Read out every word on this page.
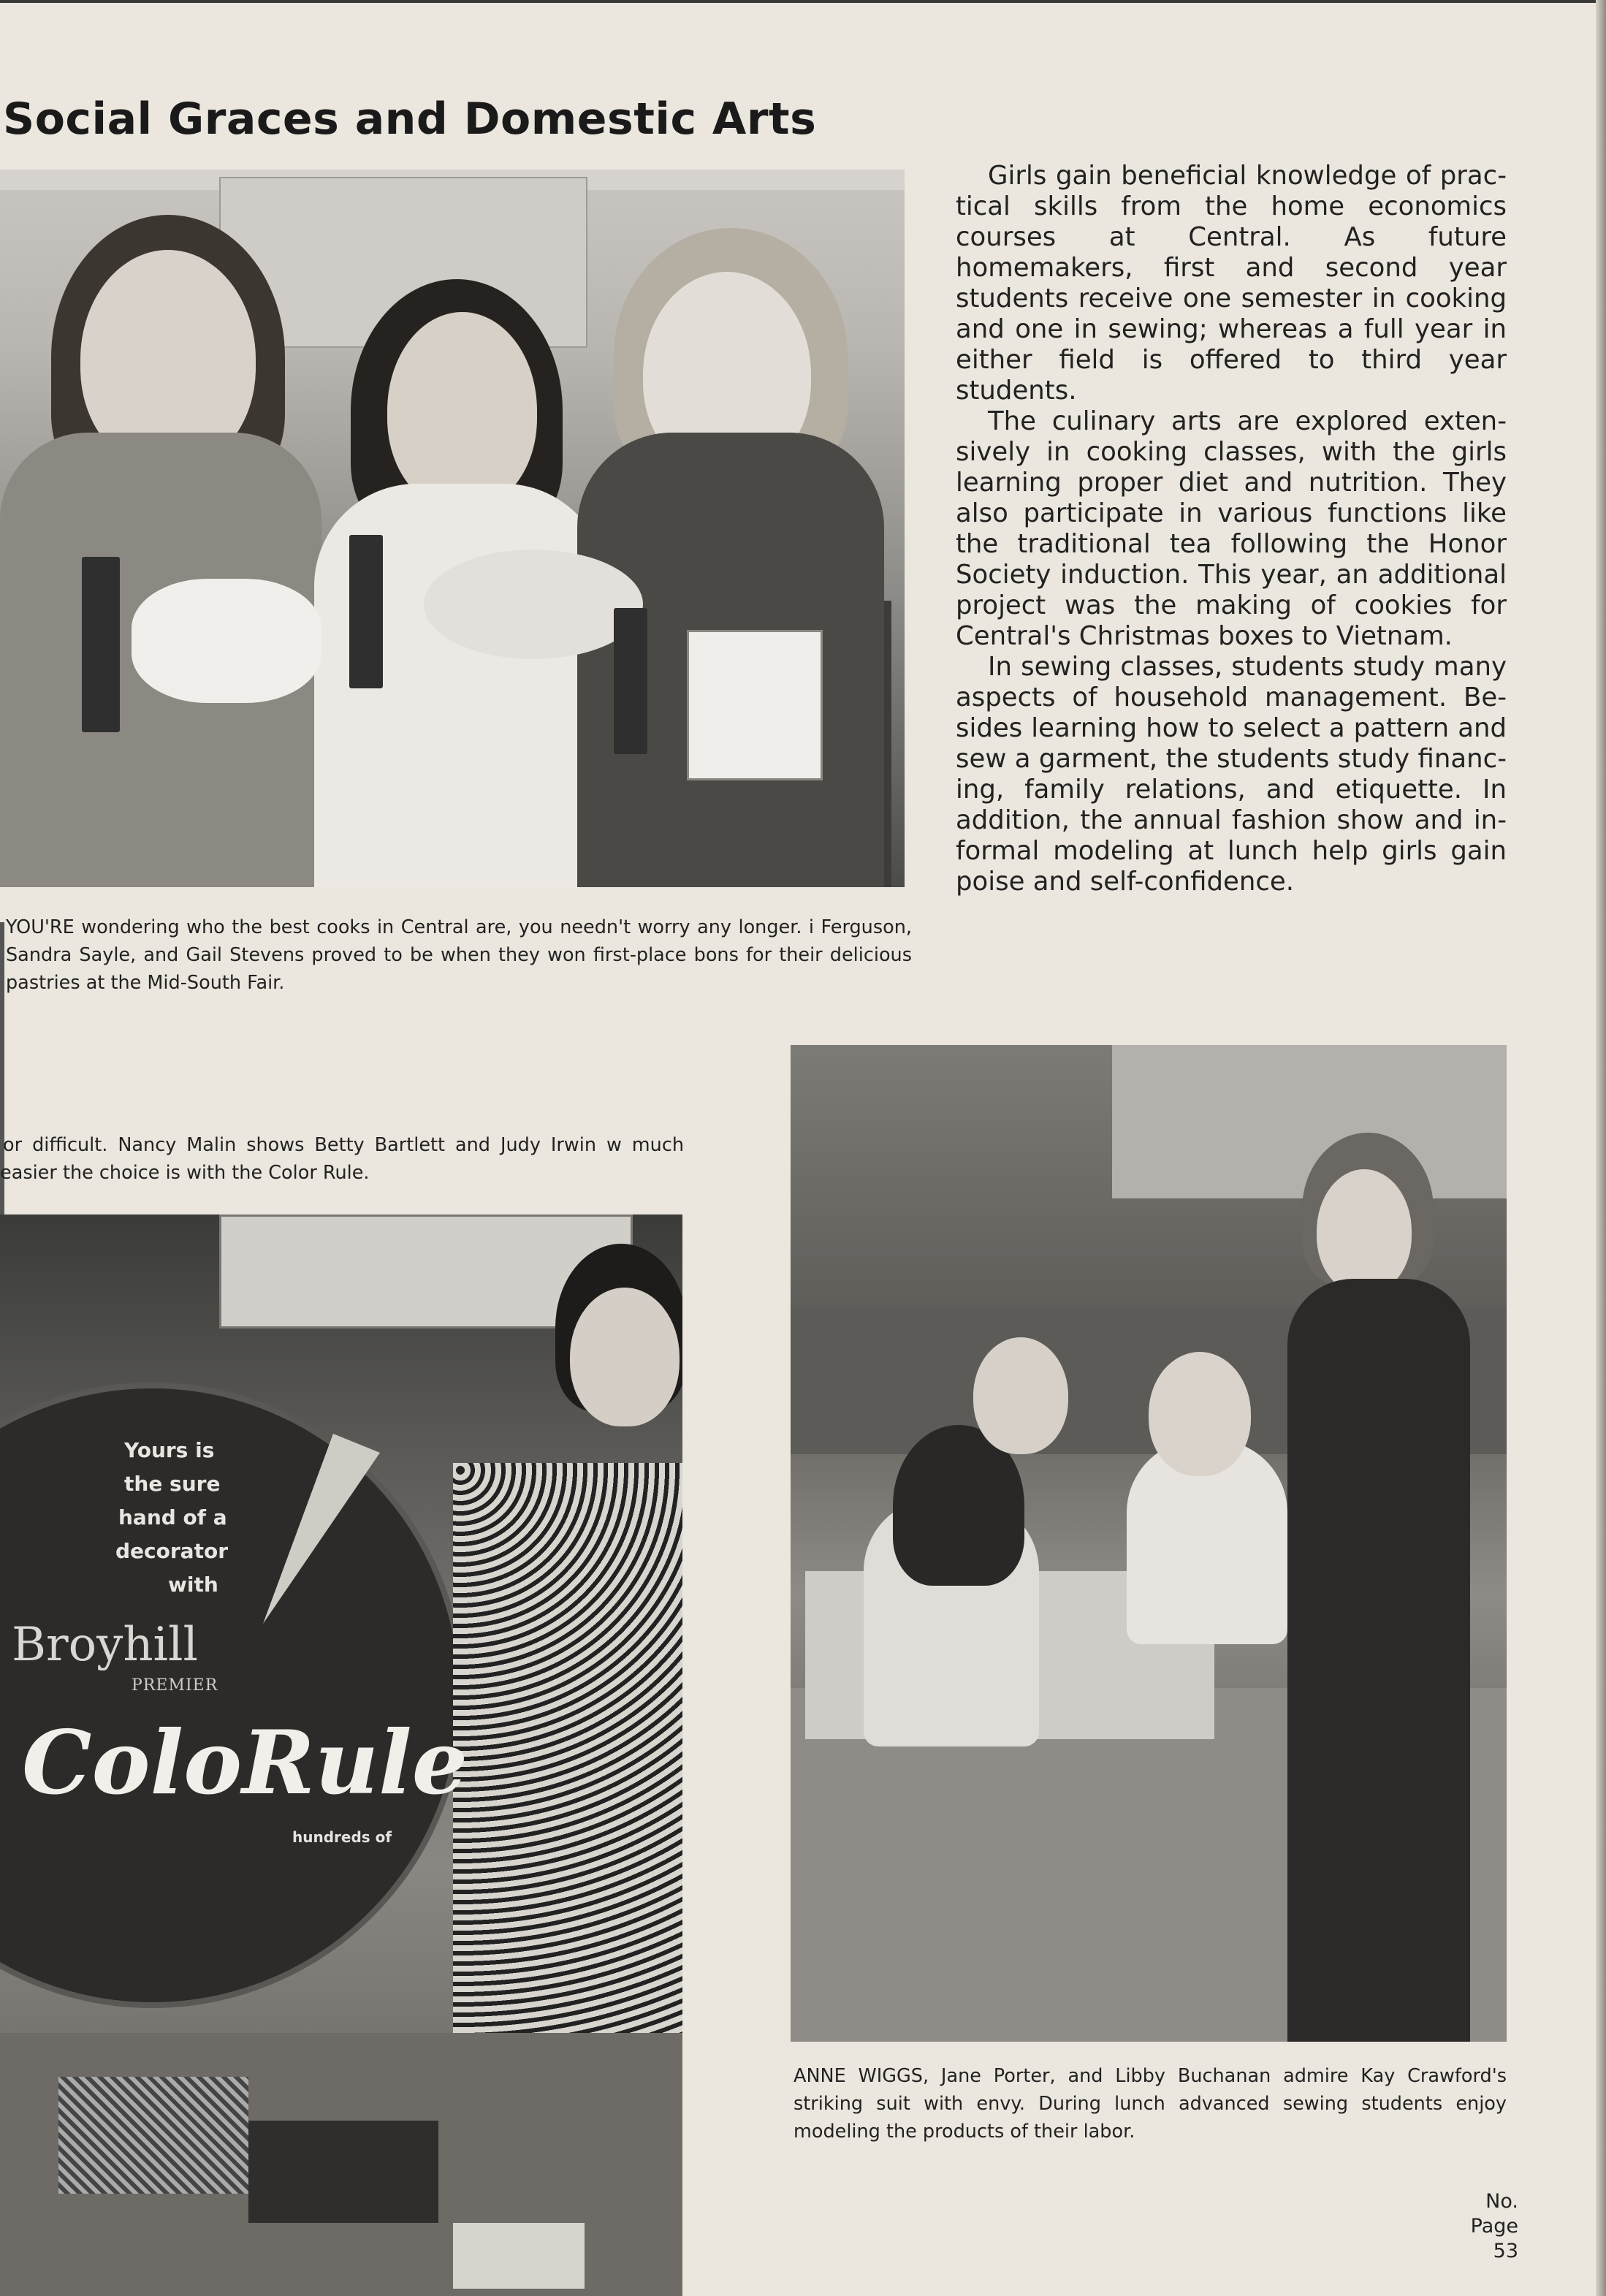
Social Graces and Domestic Arts

Girls gain beneficial knowledge of practical skills from the home economics courses at Central. As future homemakers, first and second year students receive one semester in cooking and one in sewing; whereas a full year in either field is offered to third year students.

The culinary arts are explored extensively in cooking classes, with the girls learning proper diet and nutrition. They also participate in various functions like the traditional tea following the Honor Society induction. This year, an additional project was the making of cookies for Central's Christmas boxes to Vietnam.

In sewing classes, students study many aspects of household management. Besides learning how to select a pattern and sew a garment, the students study financing, family relations, and etiquette. In addition, the annual fashion show and informal modeling at lunch help girls gain poise and self-confidence.

YOU'RE wondering who the best cooks in Central are, you needn't worry any longer. i Ferguson, Sandra Sayle, and Gail Stevens proved to be when they won first-place bons for their delicious pastries at the Mid-South Fair.
or difficult. Nancy Malin shows Betty Bartlett and Judy Irwin w much easier the choice is with the Color Rule.
Yours is
the sure
hand of a
decorator
with
Broyhill
PREMIER
ColoRule
hundreds of
ANNE WIGGS, Jane Porter, and Libby Buchanan admire Kay Crawford's striking suit with envy. During lunch advanced sewing students enjoy modeling the products of their labor.
No.
Page
53
